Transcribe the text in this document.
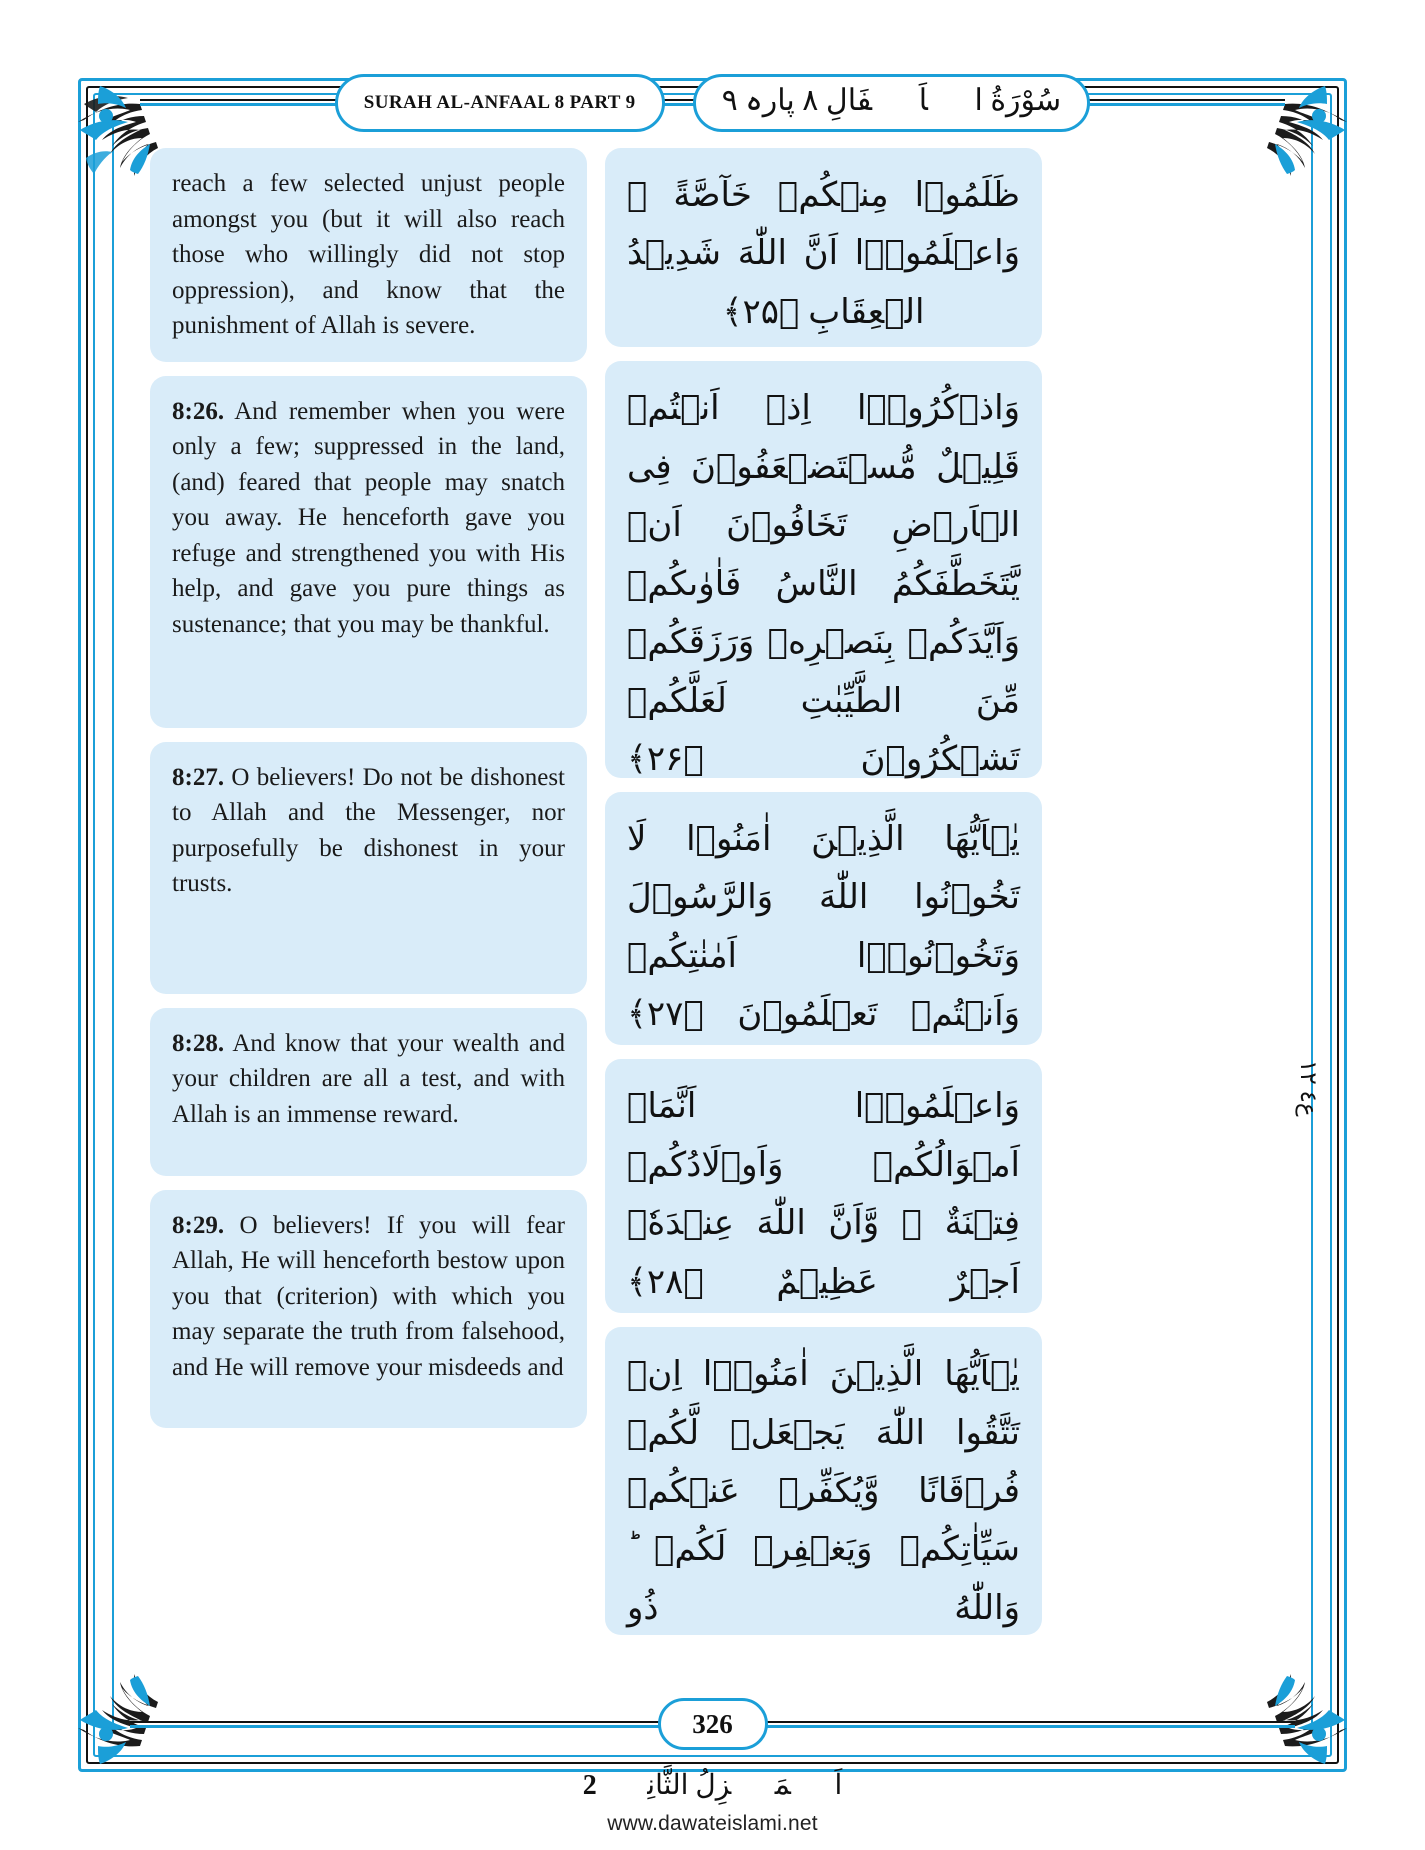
SURAH AL-ANFAAL 8 PART 9	سُوْرَةُ الۡاَنۡفَالِ ٨ پارہ ٩
reach a few selected unjust people amongst you (but it will also reach those who willingly did not stop oppression), and know that the punishment of Allah is severe.
8:26. And remember when you were only a few; suppressed in the land, (and) feared that people may snatch you away. He henceforth gave you refuge and strengthened you with His help, and gave you pure things as sustenance; that you may be thankful.
8:27. O believers! Do not be dishonest to Allah and the Messenger, nor purposefully be dishonest in your trusts.
8:28. And know that your wealth and your children are all a test, and with Allah is an immense reward.
8:29. O believers! If you will fear Allah, He will henceforth bestow upon you that (criterion) with which you may separate the truth from falsehood, and He will remove your misdeeds and
ظَلَمُوۡا مِنۡكُمۡ خَآصَّةً ۚ وَاعۡلَمُوۡۤا اَنَّ اللّٰهَ شَدِیۡدُ الۡعِقَابِ ﴿۲۵﴾
وَاذۡكُرُوۡۤا اِذۡ اَنۡتُمۡ قَلِیۡلٌ مُّسۡتَضۡعَفُوۡنَ فِی الۡاَرۡضِ تَخَافُوۡنَ اَنۡ یَّتَخَطَّفَكُمُ النَّاسُ فَاٰوٰىكُمۡ وَاَیَّدَكُمۡ بِنَصۡرِهٖ وَرَزَقَكُمۡ مِّنَ الطَّیِّبٰتِ لَعَلَّكُمۡ تَشۡكُرُوۡنَ ﴿۲۶﴾
یٰۤاَیُّهَا الَّذِیۡنَ اٰمَنُوۡا لَا تَخُوۡنُوا اللّٰهَ وَالرَّسُوۡلَ وَتَخُوۡنُوۡۤا اَمٰنٰتِكُمۡ وَاَنۡتُمۡ تَعۡلَمُوۡنَ ﴿۲۷﴾
وَاعۡلَمُوۡۤا اَنَّمَاۤ اَمۡوَالُكُمۡ وَاَوۡلَادُكُمۡ فِتۡنَةٌ ۙ وَّاَنَّ اللّٰهَ عِنۡدَهٗۤ اَجۡرٌ عَظِیۡمٌ ﴿۲۸﴾
یٰۤاَیُّهَا الَّذِیۡنَ اٰمَنُوۡۤا اِنۡ تَتَّقُوا اللّٰهَ یَجۡعَلۡ لَّكُمۡ فُرۡقَانًا وَّیُكَفِّرۡ عَنۡكُمۡ سَیِّاٰتِكُمۡ وَیَغۡفِرۡ لَكُمۡ ؕ وَاللّٰهُ ذُو
ع٤ ١٢
326
اَلۡمَنۡزِلُ الثَّانِیۡ 2
www.dawateislami.net
